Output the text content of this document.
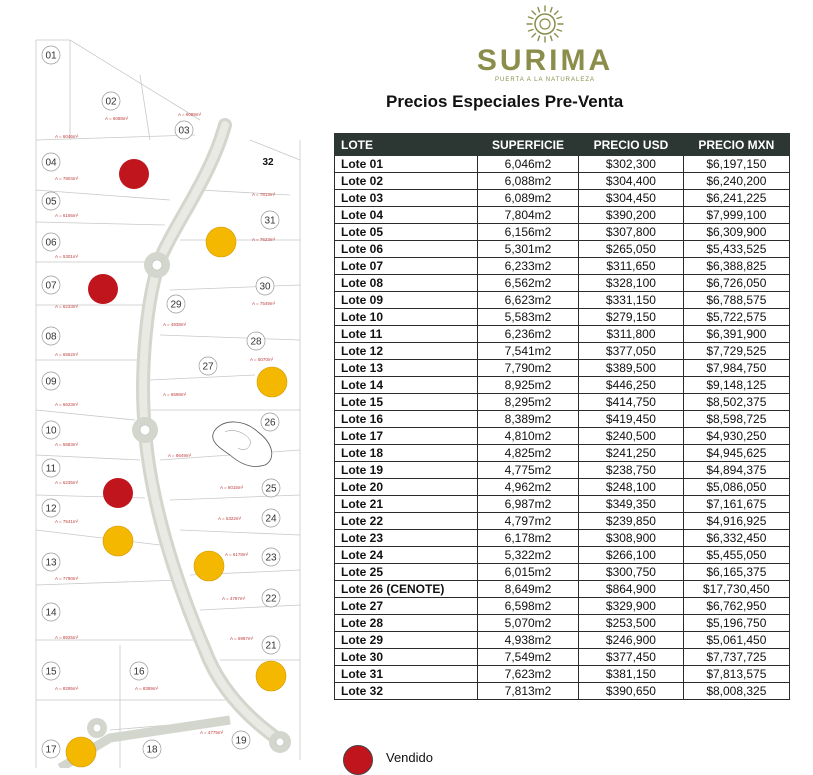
01
02
03
04
05
06
07
08
09
10
11
12
13
14
15	16
17	18
19
21
22
23
24
25
26
27
28
29
30
31
32
A = 6046m²
A = 6088m²
A = 6089m²
A = 7804m²
A = 6156m²
A = 5301m²
A = 6233m²
A = 6562m²
A = 6623m²
A = 5583m²
A = 6236m²
A = 7541m²
A = 7790m²
A = 8925m²
A = 8295m²	A = 8389m²
A = 4775m²
A = 6987m²
A = 4797m²
A = 6178m²
A = 5322m²
A = 6015m²
A = 8649m²
A = 6598m²
A = 5070m²
A = 4938m²
A = 7549m²
A = 7623m²
A = 7813m²
SURIMA
PUERTA A LA NATURALEZA
Precios Especiales Pre-Venta
LOTE	SUPERFICIE	PRECIO USD	PRECIO MXN
Lote 01	6,046m2	$302,300	$6,197,150
Lote 02	6,088m2	$304,400	$6,240,200
Lote 03	6,089m2	$304,450	$6,241,225
Lote 04	7,804m2	$390,200	$7,999,100
Lote 05	6,156m2	$307,800	$6,309,900
Lote 06	5,301m2	$265,050	$5,433,525
Lote 07	6,233m2	$311,650	$6,388,825
Lote 08	6,562m2	$328,100	$6,726,050
Lote 09	6,623m2	$331,150	$6,788,575
Lote 10	5,583m2	$279,150	$5,722,575
Lote 11	6,236m2	$311,800	$6,391,900
Lote 12	7,541m2	$377,050	$7,729,525
Lote 13	7,790m2	$389,500	$7,984,750
Lote 14	8,925m2	$446,250	$9,148,125
Lote 15	8,295m2	$414,750	$8,502,375
Lote 16	8,389m2	$419,450	$8,598,725
Lote 17	4,810m2	$240,500	$4,930,250
Lote 18	4,825m2	$241,250	$4,945,625
Lote 19	4,775m2	$238,750	$4,894,375
Lote 20	4,962m2	$248,100	$5,086,050
Lote 21	6,987m2	$349,350	$7,161,675
Lote 22	4,797m2	$239,850	$4,916,925
Lote 23	6,178m2	$308,900	$6,332,450
Lote 24	5,322m2	$266,100	$5,455,050
Lote 25	6,015m2	$300,750	$6,165,375
Lote 26 (CENOTE)	8,649m2	$864,900	$17,730,450
Lote 27	6,598m2	$329,900	$6,762,950
Lote 28	5,070m2	$253,500	$5,196,750
Lote 29	4,938m2	$246,900	$5,061,450
Lote 30	7,549m2	$377,450	$7,737,725
Lote 31	7,623m2	$381,150	$7,813,575
Lote 32	7,813m2	$390,650	$8,008,325
Vendido
